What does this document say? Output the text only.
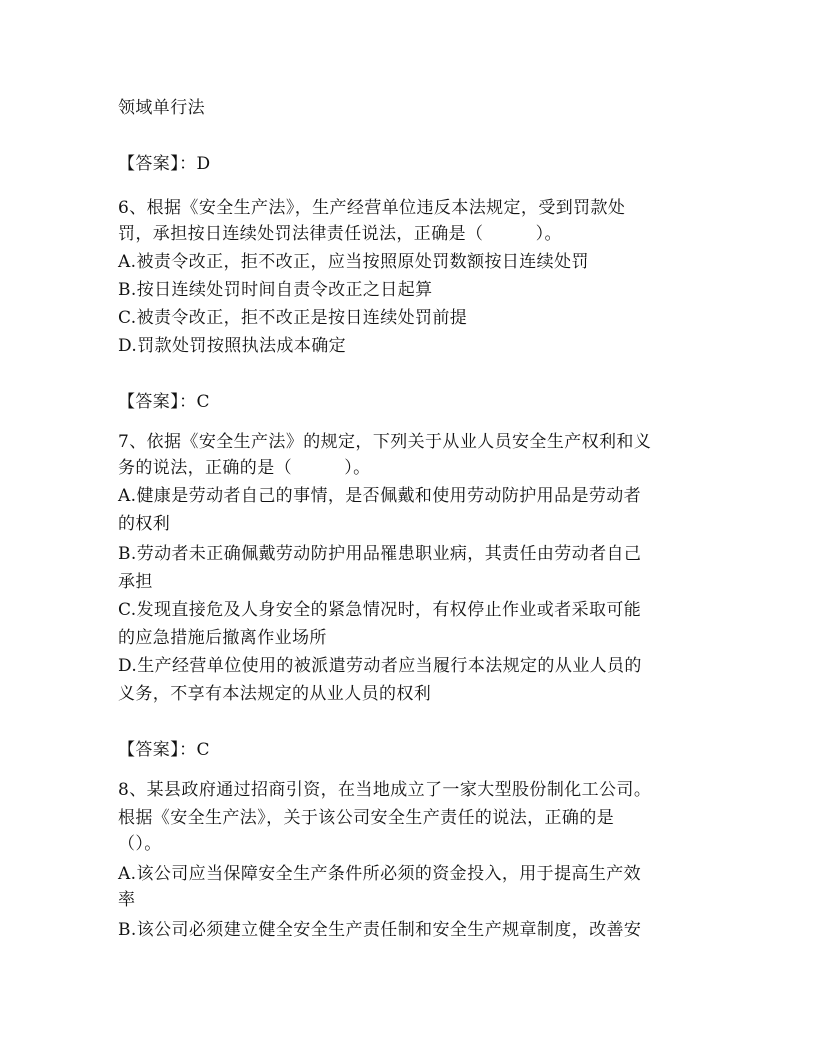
领域单行法
【答案】：D
6、根据《安全生产法》，生产经营单位违反本法规定，受到罚款处
罚，承担按日连续处罚法律责任说法，正确是（　　　）。
A.被责令改正，拒不改正，应当按照原处罚数额按日连续处罚
B.按日连续处罚时间自责令改正之日起算
C.被责令改正，拒不改正是按日连续处罚前提
D.罚款处罚按照执法成本确定
【答案】：C
7、依据《安全生产法》的规定，下列关于从业人员安全生产权利和义
务的说法，正确的是（　　　）。
A.健康是劳动者自己的事情，是否佩戴和使用劳动防护用品是劳动者
的权利
B.劳动者未正确佩戴劳动防护用品罹患职业病，其责任由劳动者自己
承担
C.发现直接危及人身安全的紧急情况时，有权停止作业或者采取可能
的应急措施后撤离作业场所
D.生产经营单位使用的被派遣劳动者应当履行本法规定的从业人员的
义务，不享有本法规定的从业人员的权利
【答案】：C
8、某县政府通过招商引资，在当地成立了一家大型股份制化工公司。
根据《安全生产法》，关于该公司安全生产责任的说法，正确的是
（）。
A.该公司应当保障安全生产条件所必须的资金投入，用于提高生产效
率
B.该公司必须建立健全安全生产责任制和安全生产规章制度，改善安
